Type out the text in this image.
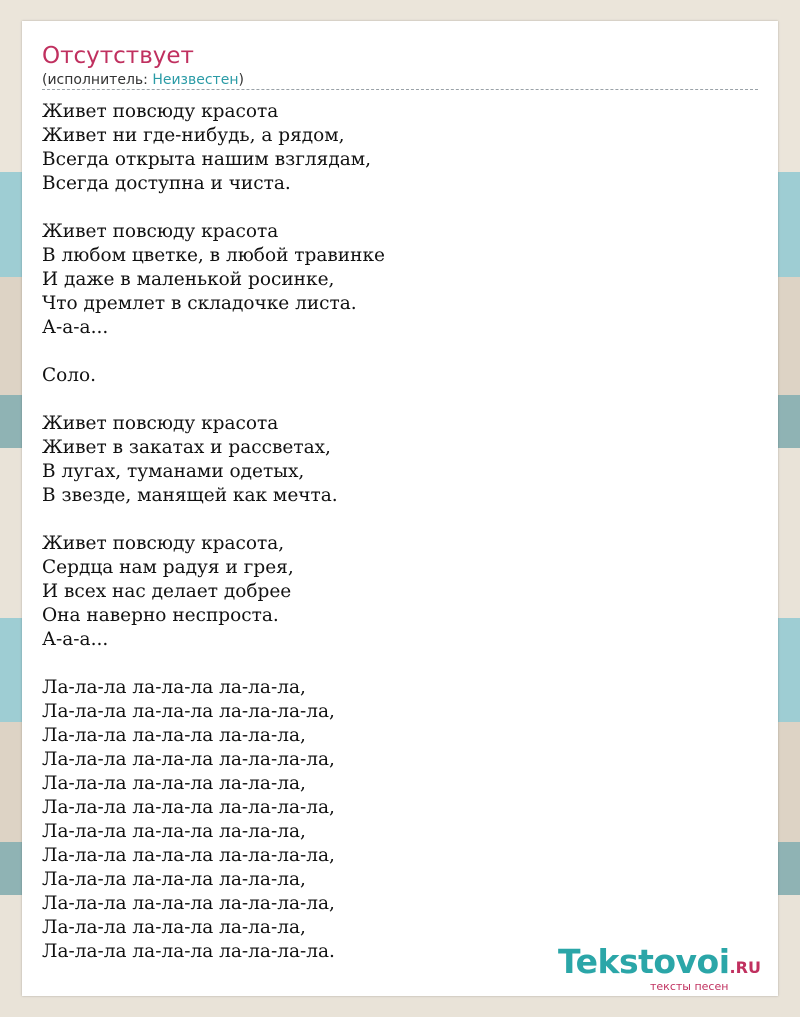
Отсутствует
(исполнитель: Неизвестен)
Живет повсюду красота
Живет ни где-нибудь, а рядом,
Всегда открыта нашим взглядам,
Всегда доступна и чиста.
Живет повсюду красота
В любом цветке, в любой травинке
И даже в маленькой росинке,
Что дремлет в складочке листа.
А-а-а...
Соло.
Живет повсюду красота
Живет в закатах и рассветах,
В лугах, туманами одетых,
В звезде, манящей как мечта.
Живет повсюду красота,
Сердца нам радуя и грея,
И всех нас делает добрее
Она наверно неспроста.
А-а-а...
Ла-ла-ла ла-ла-ла ла-ла-ла,
Ла-ла-ла ла-ла-ла ла-ла-ла-ла,
Ла-ла-ла ла-ла-ла ла-ла-ла,
Ла-ла-ла ла-ла-ла ла-ла-ла-ла,
Ла-ла-ла ла-ла-ла ла-ла-ла,
Ла-ла-ла ла-ла-ла ла-ла-ла-ла,
Ла-ла-ла ла-ла-ла ла-ла-ла,
Ла-ла-ла ла-ла-ла ла-ла-ла-ла,
Ла-ла-ла ла-ла-ла ла-ла-ла,
Ла-ла-ла ла-ла-ла ла-ла-ла-ла,
Ла-ла-ла ла-ла-ла ла-ла-ла,
Ла-ла-ла ла-ла-ла ла-ла-ла-ла.	Tekstovoi.RU
тексты песен
